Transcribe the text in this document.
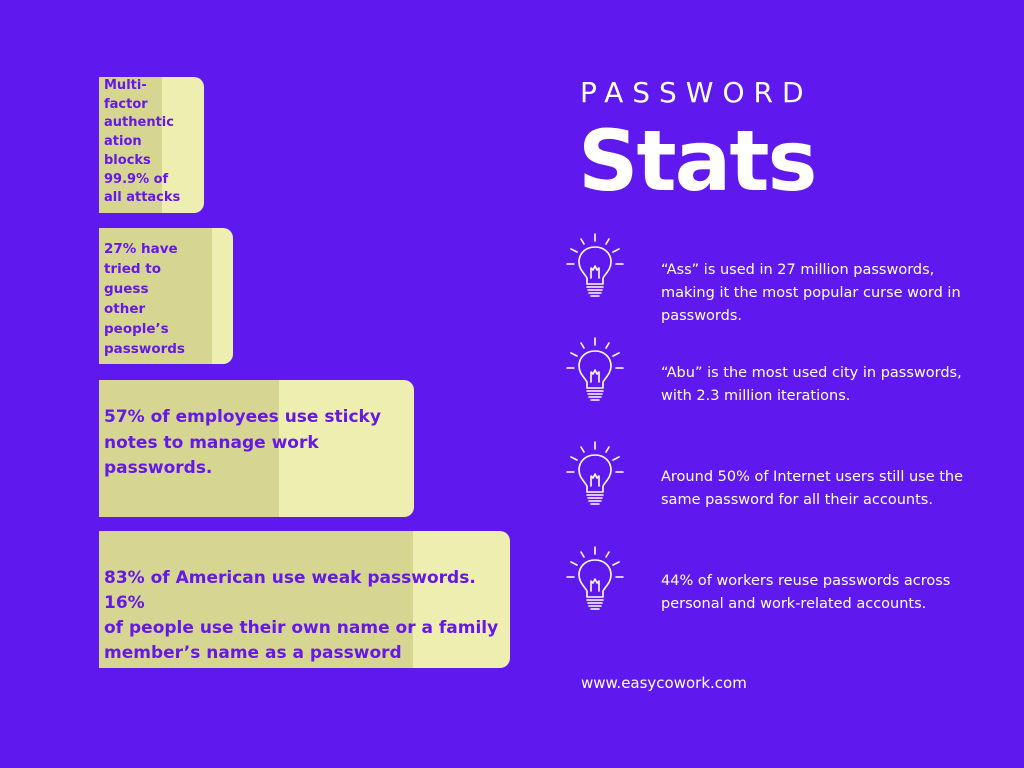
Multi-
factor
authentic
ation
blocks
99.9% of
all attacks
27% have
tried to
guess
other
people’s
passwords
57% of employees use sticky
notes to manage work
passwords.
83% of American use weak passwords. 16%
of people use their own name or a family
member’s name as a password
PASSWORD
Stats
“Ass” is used in 27 million passwords,
making it the most popular curse word in
passwords.
“Abu” is the most used city in passwords,
with 2.3 million iterations.
Around 50% of Internet users still use the
same password for all their accounts.
44% of workers reuse passwords across
personal and work-related accounts.
www.easycowork.com
